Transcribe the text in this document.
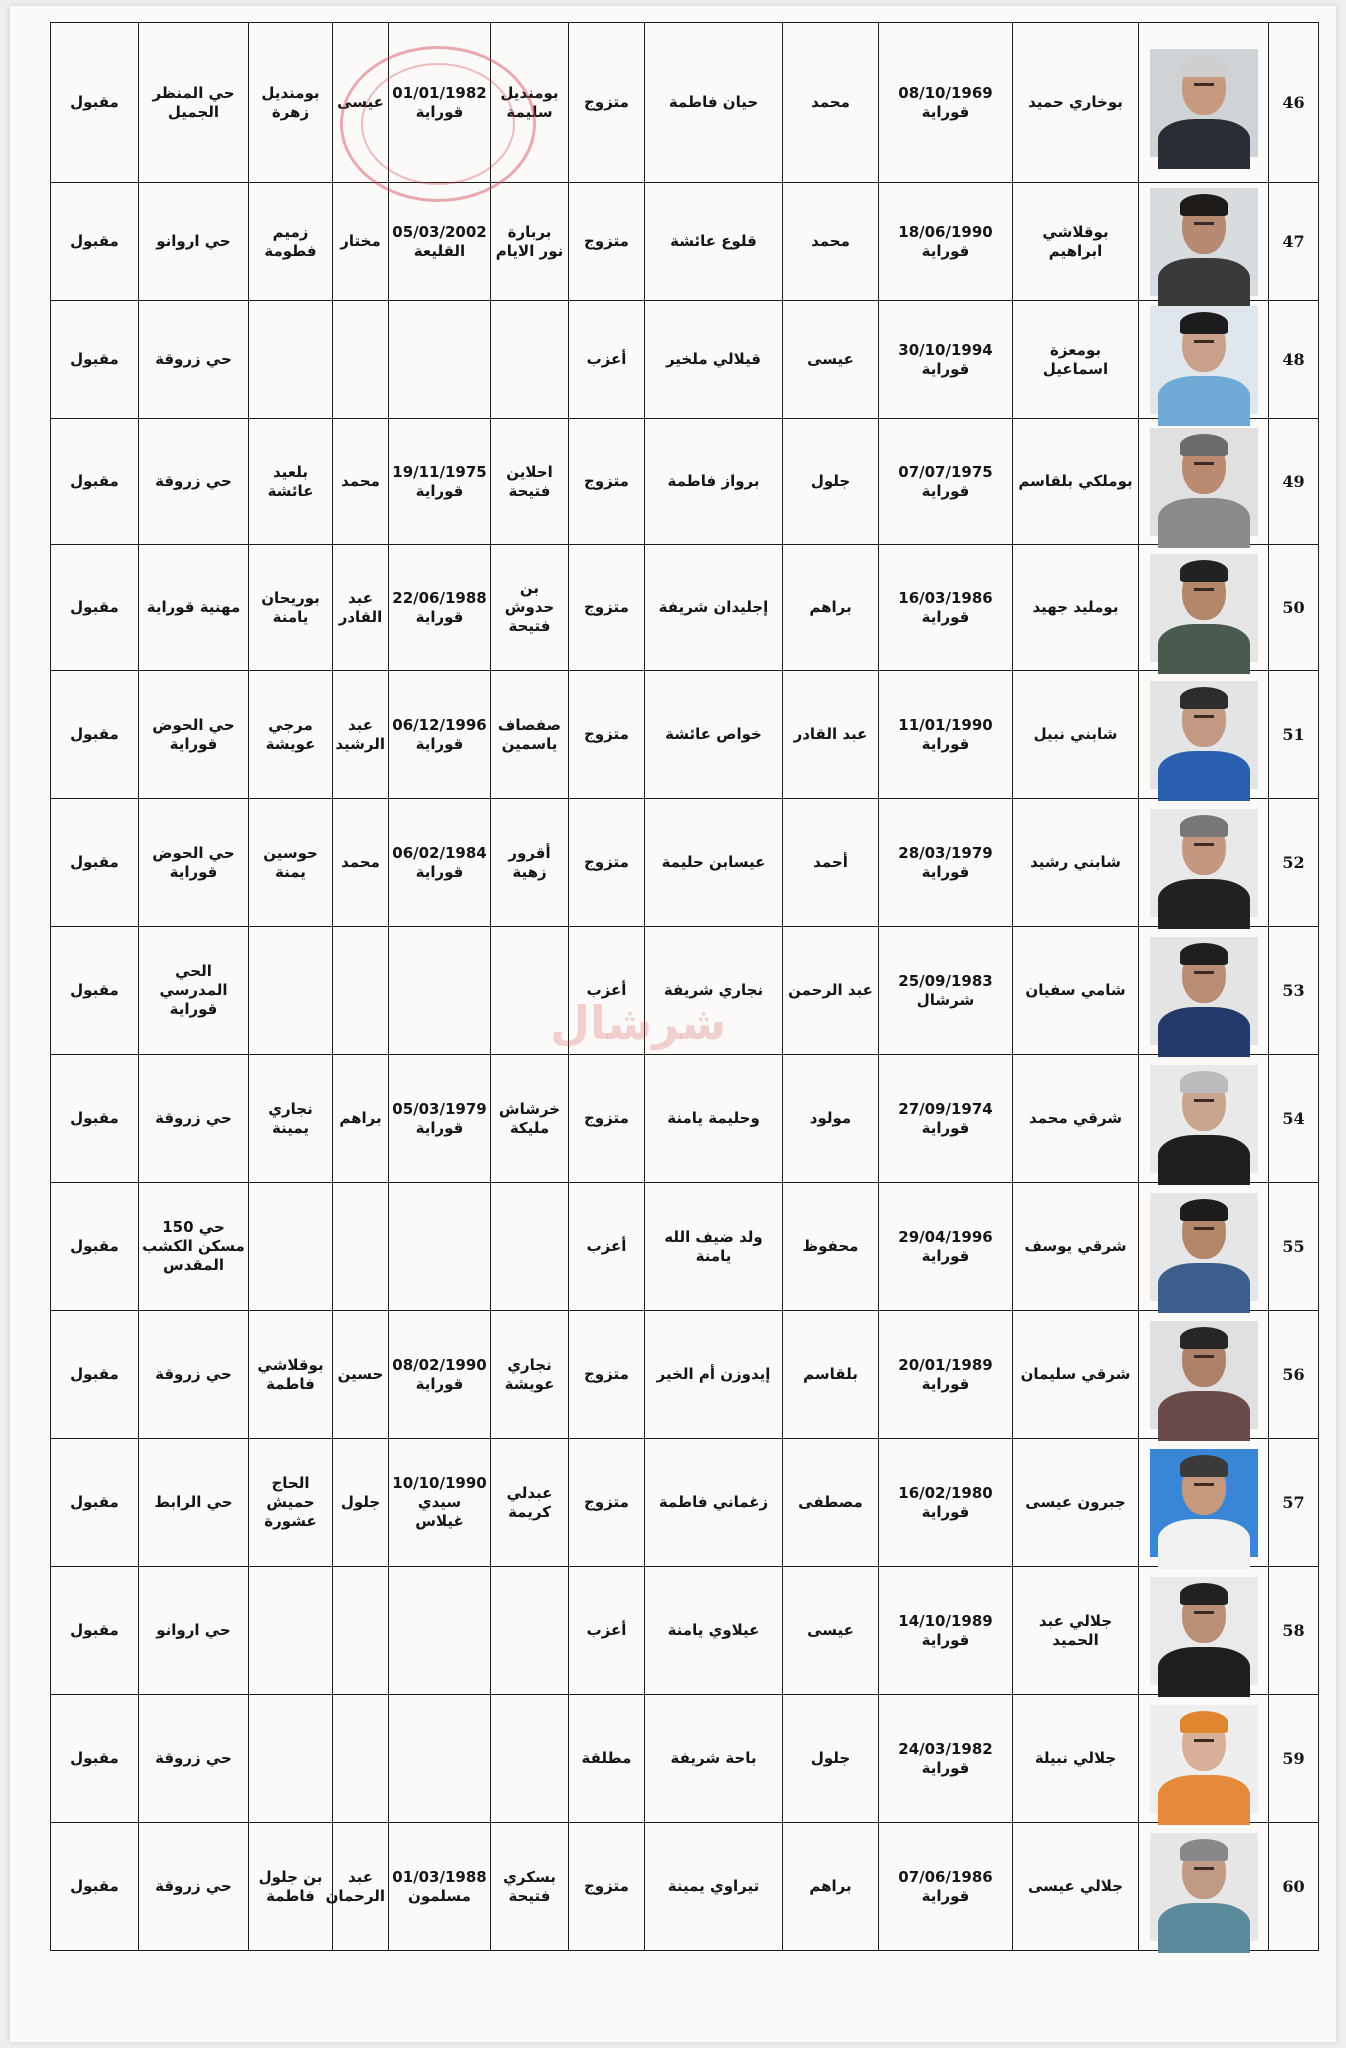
مقبول	حي المنظر الجميل	بومنديل زهرة	عيسى	01/01/1982 قوراية	بومنديل سليمة	متزوج	حيان فاطمة	محمد	08/10/1969 قوراية	بوخاري حميد		46
مقبول	حي اروانو	زميم فطومة	مختار	05/03/2002 القليعة	بربارة نور الايام	متزوج	قلوع عائشة	محمد	18/06/1990 قوراية	بوقلاشي ابراهيم		47
مقبول	حي زروقة					أعزب	قيلالي ملخير	عيسى	30/10/1994 قوراية	بومعزة اسماعيل		48
مقبول	حي زروقة	بلعيد عائشة	محمد	19/11/1975 قوراية	احلاين فتيحة	متزوج	برواز فاطمة	جلول	07/07/1975 قوراية	بوملكي بلقاسم		49
مقبول	مهنية قوراية	بوريحان يامنة	عبد القادر	22/06/1988 قوراية	بن حدوش فتيحة	متزوج	إجليدان شريفة	براهم	16/03/1986 قوراية	بومليد جهيد		50
مقبول	حي الحوض قوراية	مرجي عويشة	عبد الرشيد	06/12/1996 قوراية	صفصاف ياسمين	متزوج	خواص عائشة	عبد القادر	11/01/1990 قوراية	شابني نبيل		51
مقبول	حي الحوض قوراية	حوسين يمنة	محمد	06/02/1984 قوراية	أقرور زهية	متزوج	عيسابن حليمة	أحمد	28/03/1979 قوراية	شابني رشيد		52
مقبول	الحي المدرسي قوراية					أعزب	نجاري شريفة	عبد الرحمن	25/09/1983 شرشال	شامي سفيان		53
مقبول	حي زروقة	نجاري يمينة	براهم	05/03/1979 قوراية	خرشاش مليكة	متزوج	وحليمة يامنة	مولود	27/09/1974 قوراية	شرقي محمد		54
مقبول	حي 150 مسكن الكشب المقدس					أعزب	ولد ضيف الله يامنة	محفوظ	29/04/1996 قوراية	شرقي يوسف		55
مقبول	حي زروقة	بوقلاشي فاطمة	حسين	08/02/1990 قوراية	نجاري عويشة	متزوج	إيدوزن أم الخير	بلقاسم	20/01/1989 قوراية	شرقي سليمان		56
مقبول	حي الرابط	الحاج حميش عشورة	جلول	10/10/1990 سيدي غيلاس	عبدلي كريمة	متزوج	زغماني فاطمة	مصطفى	16/02/1980 قوراية	جبرون عيسى		57
مقبول	حي اروانو					أعزب	عيلاوي يامنة	عيسى	14/10/1989 قوراية	جلالي عبد الحميد		58
مقبول	حي زروقة					مطلقة	باحة شريفة	جلول	24/03/1982 قوراية	جلالي نبيلة		59
مقبول	حي زروقة	بن جلول فاطمة	عبد الرحمان	01/03/1988 مسلمون	بسكري فتيحة	متزوج	تيراوي يمينة	براهم	07/06/1986 قوراية	جلالي عيسى		60
شرشال
